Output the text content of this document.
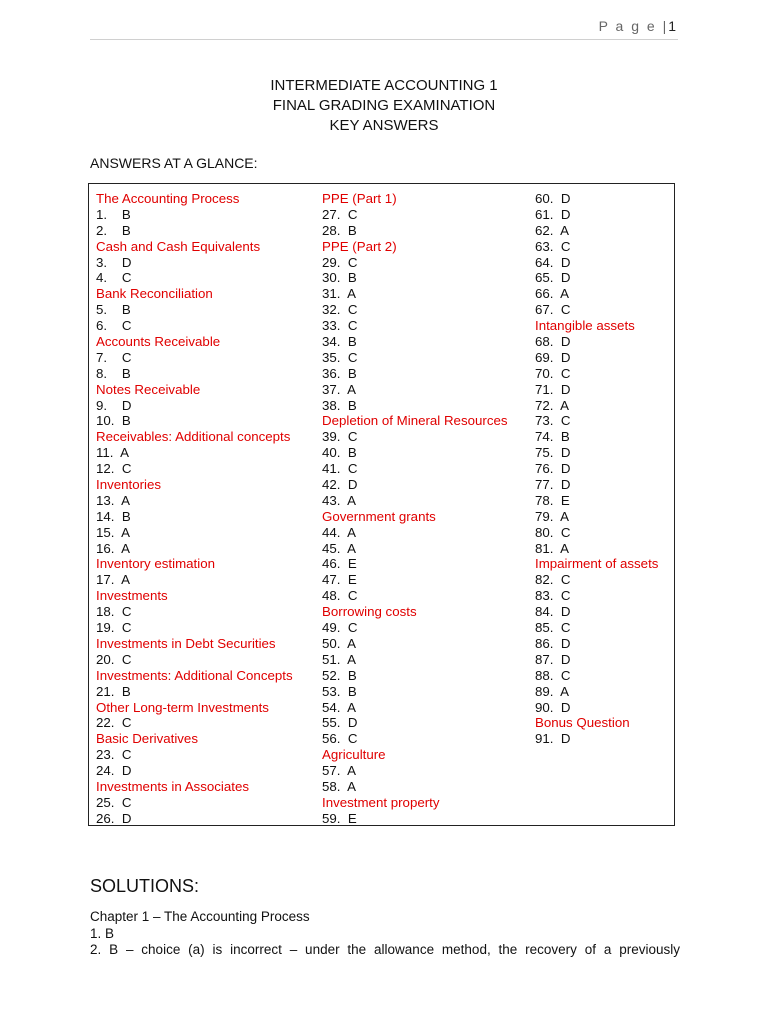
P a g e |1
INTERMEDIATE ACCOUNTING 1
FINAL GRADING EXAMINATION
KEY ANSWERS
ANSWERS AT A GLANCE:
The Accounting Process
1.    B
2.    B
Cash and Cash Equivalents
3.    D
4.    C
Bank Reconciliation
5.    B
6.    C
Accounts Receivable
7.    C
8.    B
Notes Receivable
9.    D
10.  B
Receivables: Additional concepts
11.  A
12.  C
Inventories
13.  A
14.  B
15.  A
16.  A
Inventory estimation
17.  A
Investments
18.  C
19.  C
Investments in Debt Securities
20.  C
Investments: Additional Concepts
21.  B
Other Long-term Investments
22.  C
Basic Derivatives
23.  C
24.  D
Investments in Associates
25.  C
26.  D
PPE (Part 1)
27.  C
28.  B
PPE (Part 2)
29.  C
30.  B
31.  A
32.  C
33.  C
34.  B
35.  C
36.  B
37.  A
38.  B
Depletion of Mineral Resources
39.  C
40.  B
41.  C
42.  D
43.  A
Government grants
44.  A
45.  A
46.  E
47.  E
48.  C
Borrowing costs
49.  C
50.  A
51.  A
52.  B
53.  B
54.  A
55.  D
56.  C
Agriculture
57.  A
58.  A
Investment property
59.  E
60.  D
61.  D
62.  A
63.  C
64.  D
65.  D
66.  A
67.  C
Intangible assets
68.  D
69.  D
70.  C
71.  D
72.  A
73.  C
74.  B
75.  D
76.  D
77.  D
78.  E
79.  A
80.  C
81.  A
Impairment of assets
82.  C
83.  C
84.  D
85.  C
86.  D
87.  D
88.  C
89.  A
90.  D
Bonus Question
91.  D
SOLUTIONS:
Chapter 1 – The Accounting Process
1. B
2. B – choice (a) is incorrect – under the allowance method, the recovery of a previously
